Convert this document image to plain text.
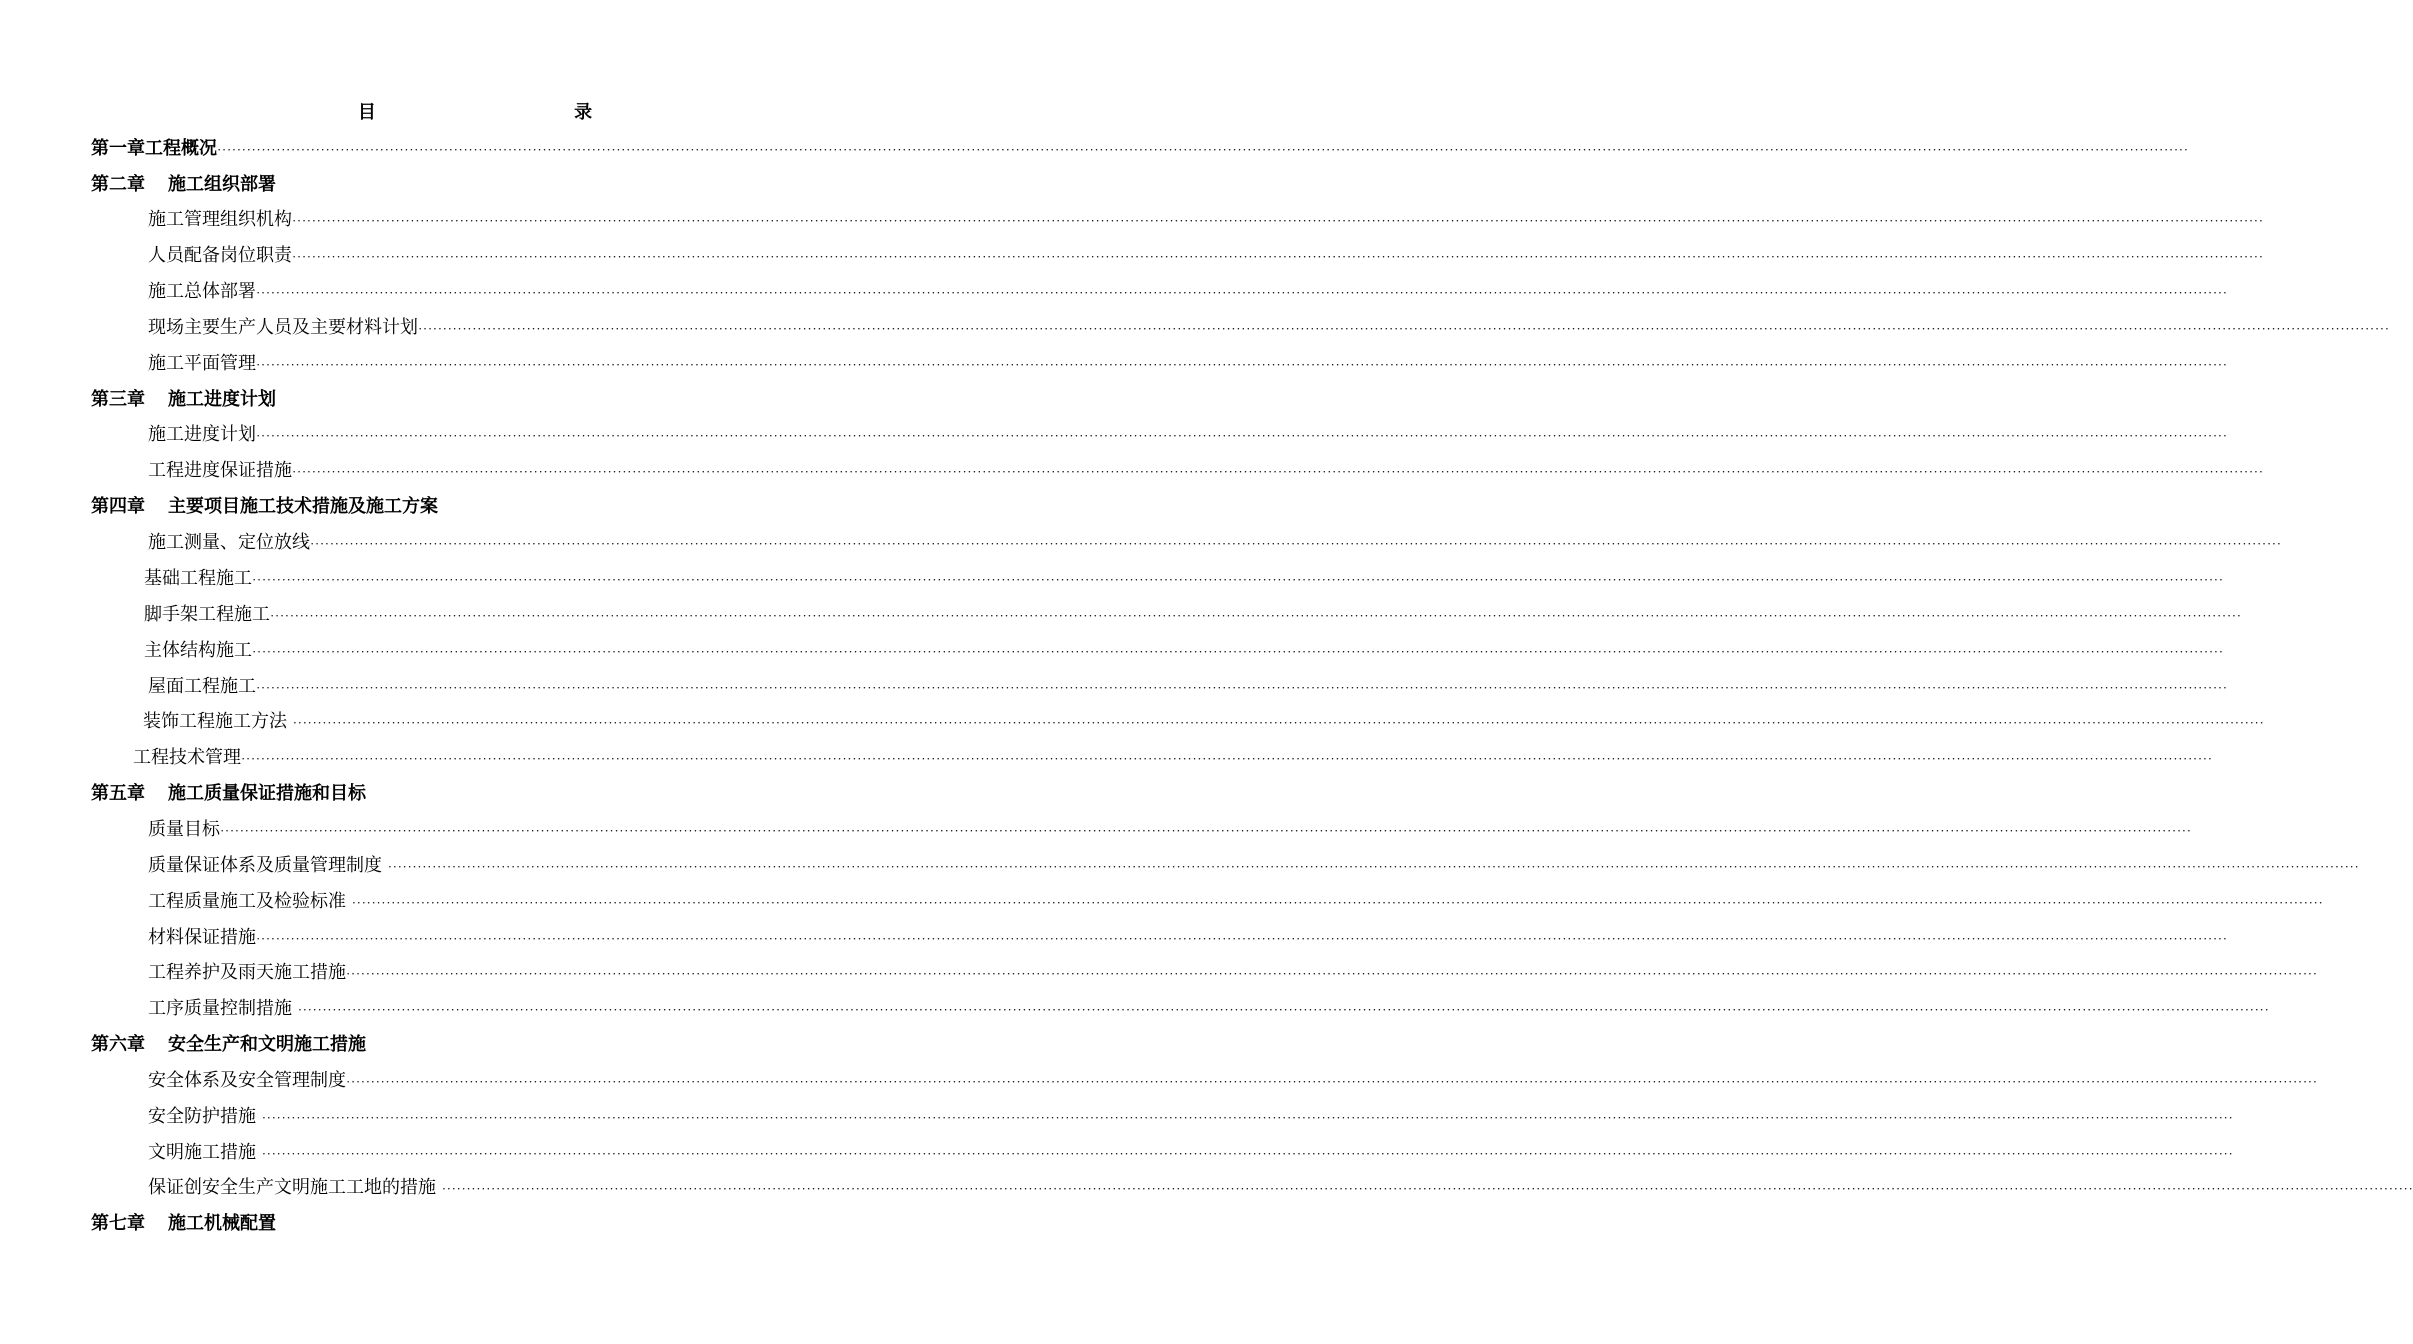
目 录
第一章 工程概况 ················································································································································································································································································································································································································
第二章	施工组织部署
施工管理组织机构 ················································································································································································································································································································································································································
人员配备岗位职责 ················································································································································································································································································································································································································
施工总体部署 ················································································································································································································································································································································································································
现场主要生产人员及主要材料计划 ················································································································································································································································································································································································································
施工平面管理 ················································································································································································································································································································································································································
第三章	施工进度计划
施工进度计划 ················································································································································································································································································································································································································
工程进度保证措施 ················································································································································································································································································································································································································
第四章	主要项目施工技术措施及施工方案
施工测量、定位放线 ················································································································································································································································································································································································································
基础工程施工 ················································································································································································································································································································································································································
脚手架工程施工 ················································································································································································································································································································································································································
主体结构施工 ················································································································································································································································································································································································································
屋面工程施工 ················································································································································································································································································································································································································
装饰工程施工方法 ················································································································································································································································································································································································································
工程技术管理 ················································································································································································································································································································································································································
第五章	施工质量保证措施和目标
质量目标 ················································································································································································································································································································································································································
质量保证体系及质量管理制度 ················································································································································································································································································································································································································
工程质量施工及检验标准 ················································································································································································································································································································································································································
材料保证措施 ················································································································································································································································································································································································································
工程养护及雨天施工措施 ················································································································································································································································································································································································································
工序质量控制措施 ················································································································································································································································································································································································································
第六章	安全生产和文明施工措施
安全体系及安全管理制度 ················································································································································································································································································································································································································
安全防护措施 ················································································································································································································································································································································································································
文明施工措施 ················································································································································································································································································································································································································
保证创安全生产文明施工工地的措施 ················································································································································································································································································································································································································
第七章	施工机械配置
